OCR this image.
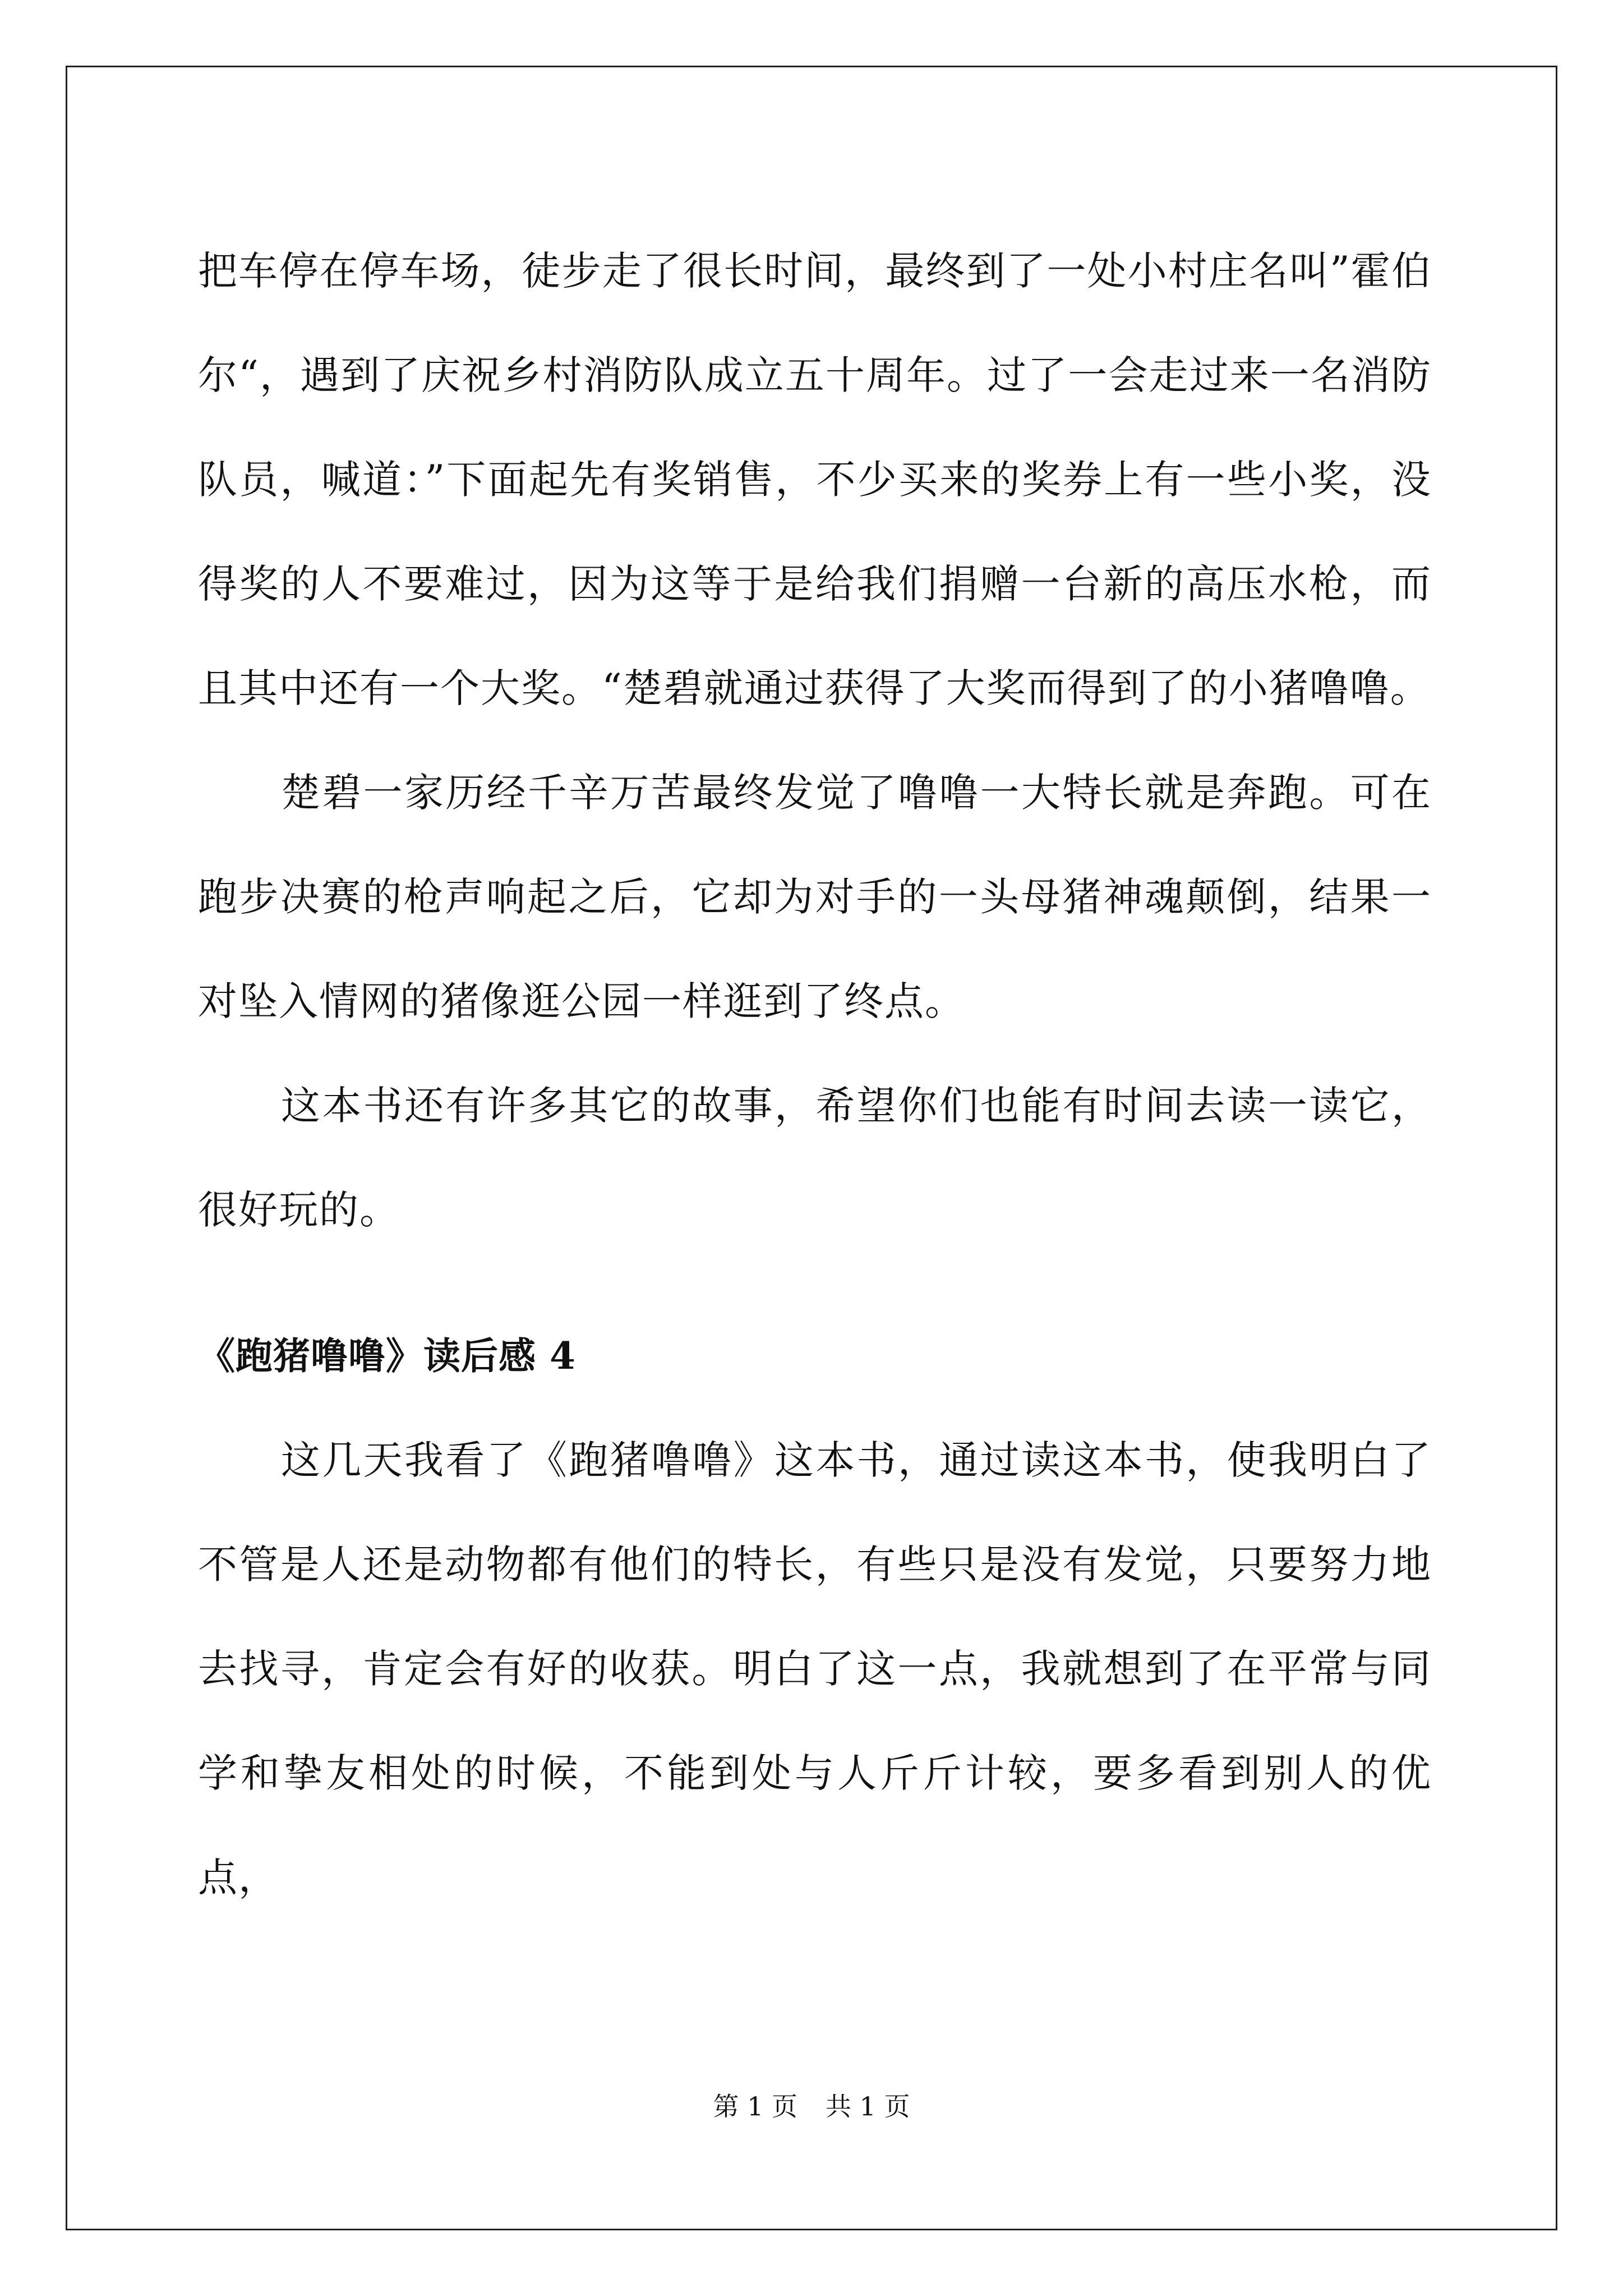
把车停在停车场，徒步走了很长时间，最终到了一处小村庄名叫”霍伯尔“，遇到了庆祝乡村消防队成立五十周年。过了一会走过来一名消防队员，喊道：”下面起先有奖销售，不少买来的奖券上有一些小奖，没得奖的人不要难过，因为这等于是给我们捐赠一台新的高压水枪，而且其中还有一个大奖。“楚碧就通过获得了大奖而得到了的小猪噜噜。

楚碧一家历经千辛万苦最终发觉了噜噜一大特长就是奔跑。可在跑步决赛的枪声响起之后，它却为对手的一头母猪神魂颠倒，结果一对坠入情网的猪像逛公园一样逛到了终点。

这本书还有许多其它的故事，希望你们也能有时间去读一读它，很好玩的。

《跑猪噜噜》读后感 4

这几天我看了《跑猪噜噜》这本书，通过读这本书，使我明白了不管是人还是动物都有他们的特长，有些只是没有发觉，只要努力地去找寻，肯定会有好的收获。明白了这一点，我就想到了在平常与同学和挚友相处的时候，不能到处与人斤斤计较，要多看到别人的优点，

第 1 页 共 1 页
